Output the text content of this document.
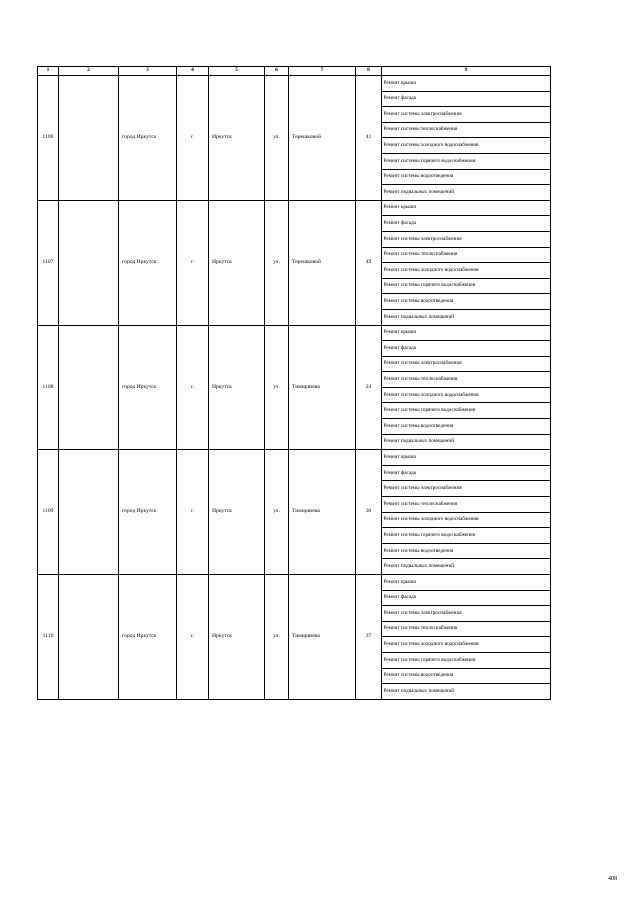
1	2	3	4	5	6	7	8	9
1106		город Иркутск	г.	Иркутск	ул.	Терешковой	41	Ремонт крыши
								Ремонт фасада
								Ремонт системы электроснабжения
								Ремонт системы теплоснабжения
								Ремонт системы холодного водоснабжения
								Ремонт системы горячего водоснабжения
								Ремонт системы водоотведения
								Ремонт подвальных помещений
1107		город Иркутск	г.	Иркутск	ул.	Терешковой	49	Ремонт крыши
								Ремонт фасада
								Ремонт системы электроснабжения
								Ремонт системы теплоснабжения
								Ремонт системы холодного водоснабжения
								Ремонт системы горячего водоснабжения
								Ремонт системы водоотведения
								Ремонт подвальных помещений
1108		город Иркутск	г.	Иркутск	ул.	Тимирязева	24	Ремонт крыши
								Ремонт фасада
								Ремонт системы электроснабжения
								Ремонт системы теплоснабжения
								Ремонт системы холодного водоснабжения
								Ремонт системы горячего водоснабжения
								Ремонт системы водоотведения
								Ремонт подвальных помещений
1109		город Иркутск	г.	Иркутск	ул.	Тимирязева	30	Ремонт крыши
								Ремонт фасада
								Ремонт системы электроснабжения
								Ремонт системы теплоснабжения
								Ремонт системы холодного водоснабжения
								Ремонт системы горячего водоснабжения
								Ремонт системы водоотведения
								Ремонт подвальных помещений
1110		город Иркутск	г.	Иркутск	ул.	Тимирязева	37	Ремонт крыши
								Ремонт фасада
								Ремонт системы электроснабжения
								Ремонт системы теплоснабжения
								Ремонт системы холодного водоснабжения
								Ремонт системы горячего водоснабжения
								Ремонт системы водоотведения
								Ремонт подвальных помещений
408
